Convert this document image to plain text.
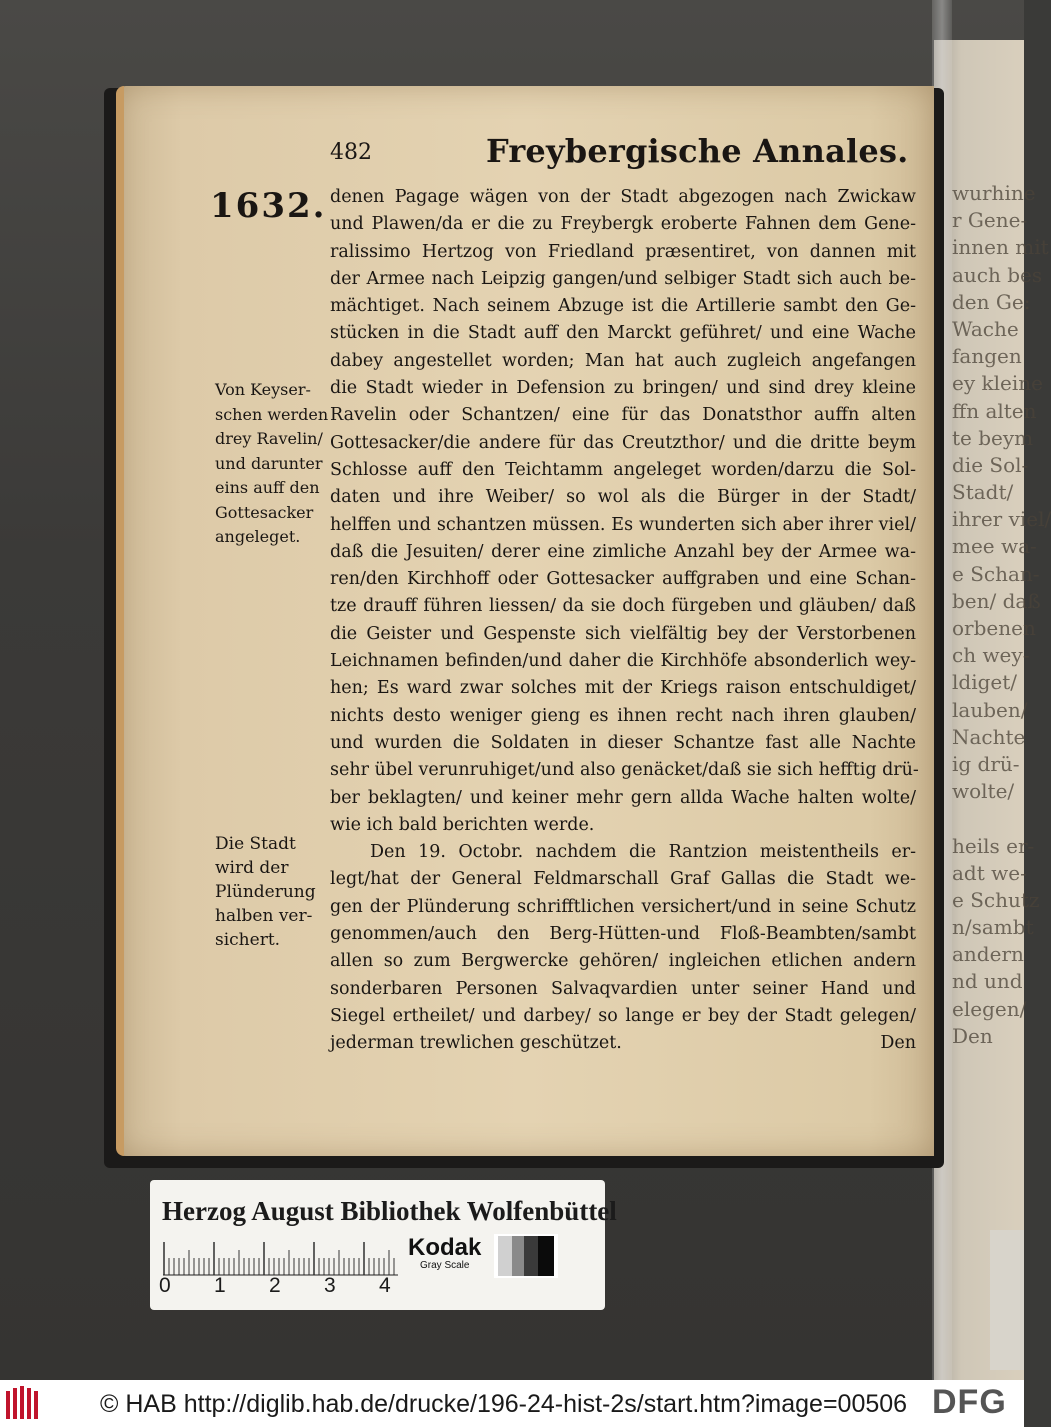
wurhine
r Gene-
innen mit
auch bes
den Ge:
Wache
fangen
ey kleine
ffn alten
te beym
die Sol-
Stadt/
ihrer viel/
mee wa-
e Schan-
ben/ daß
orbenen
ch wey-
ldiget/
lauben/
Nachte
ig drü-
wolte/
heils er-
adt we-
e Schutz
n/sambt
andern
nd und
elegen/
Den
482	Freybergische Annales.
1632. denen Pagage wägen von der Stadt abgezogen nach Zwickaw
und Plawen/da er die zu Freybergk eroberte Fahnen dem Gene-
ralissimo Hertzog von Friedland præsentiret, von dannen mit
der Armee nach Leipzig gangen/und selbiger Stadt sich auch be-
mächtiget. Nach seinem Abzuge ist die Artillerie sambt den Ge-
stücken in die Stadt auff den Marckt geführet/ und eine Wache
dabey angestellet worden; Man hat auch zugleich angefangen
die Stadt wieder in Defension zu bringen/ und sind drey kleine
Ravelin oder Schantzen/ eine für das Donatsthor auffn alten
Gottesacker/die andere für das Creutzthor/ und die dritte beym
Schlosse auff den Teichtamm angeleget worden/darzu die Sol-
daten und ihre Weiber/ so wol als die Bürger in der Stadt/
helffen und schantzen müssen. Es wunderten sich aber ihrer viel/
daß die Jesuiten/ derer eine zimliche Anzahl bey der Armee wa-
ren/den Kirchhoff oder Gottesacker auffgraben und eine Schan-
tze drauff führen liessen/ da sie doch fürgeben und gläuben/ daß
die Geister und Gespenste sich vielfältig bey der Verstorbenen
Leichnamen befinden/und daher die Kirchhöfe absonderlich wey-
hen; Es ward zwar solches mit der Kriegs raison entschuldiget/
nichts desto weniger gieng es ihnen recht nach ihren glauben/
und wurden die Soldaten in dieser Schantze fast alle Nachte
sehr übel verunruhiget/und also genäcket/daß sie sich hefftig drü-
ber beklagten/ und keiner mehr gern allda Wache halten wolte/
wie ich bald berichten werde.
Den 19. Octobr. nachdem die Rantzion meistentheils er-
legt/hat der General Feldmarschall Graf Gallas die Stadt we-
gen der Plünderung schrifftlichen versichert/und in seine Schutz
genommen/auch den Berg-Hütten-und Floß-Beambten/sambt
allen so zum Bergwercke gehören/ ingleichen etlichen andern
sonderbaren Personen Salvaqvardien unter seiner Hand und
Siegel ertheilet/ und darbey/ so lange er bey der Stadt gelegen/
jederman trewlichen geschützet.	Den
Von Keyser-
schen werden
drey Ravelin/
und darunter
eins auff den
Gottesacker
angeleget.
Die Stadt
wird der
Plünderung
halben ver-
sichert.
Herzog August Bibliothek Wolfenbüttel
0 1 2 3 4
Kodak
Gray Scale
© HAB http://diglib.hab.de/drucke/196-24-hist-2s/start.htm?image=00506 DFG
